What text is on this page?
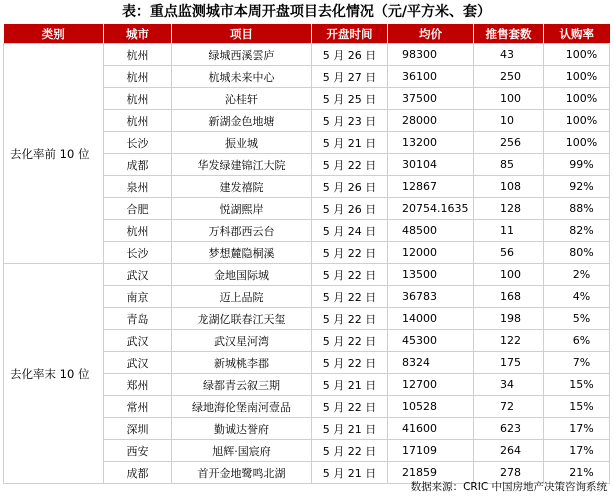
表：重点监测城市本周开盘项目去化情况（元/平方米、套）
类别	城市	项目	开盘时间	均价	推售套数	认购率
去化率前 10 位	杭州	绿城西溪雲庐	5 月 26 日	98300	43	100%
	杭州	杭城未来中心	5 月 27 日	36100	250	100%
	杭州	沁桂轩	5 月 25 日	37500	100	100%
	杭州	新湖金色地塘	5 月 23 日	28000	10	100%
	长沙	振业城	5 月 21 日	13200	256	100%
	成都	华发绿建锦江大院	5 月 22 日	30104	85	99%
	泉州	建发禧院	5 月 26 日	12867	108	92%
	合肥	悦湖熙岸	5 月 26 日	20754.1635	128	88%
	杭州	万科郡西云台	5 月 24 日	48500	11	82%
	长沙	梦想麓隐桐溪	5 月 22 日	12000	56	80%
去化率末 10 位	武汉	金地国际城	5 月 22 日	13500	100	2%
	南京	迈上品院	5 月 22 日	36783	168	4%
	青岛	龙湖亿联春江天玺	5 月 22 日	14000	198	5%
	武汉	武汉星河湾	5 月 22 日	45300	122	6%
	武汉	新城桃李郡	5 月 22 日	8324	175	7%
	郑州	绿都青云叙三期	5 月 21 日	12700	34	15%
	常州	绿地海伦堡南河壹品	5 月 22 日	10528	72	15%
	深圳	勤诚达誉府	5 月 21 日	41600	623	17%
	西安	旭辉·国宸府	5 月 22 日	17109	264	17%
	成都	首开金地鹭鸣北湖	5 月 21 日	21859	278	21%
数据来源：CRIC 中国房地产决策咨询系统
